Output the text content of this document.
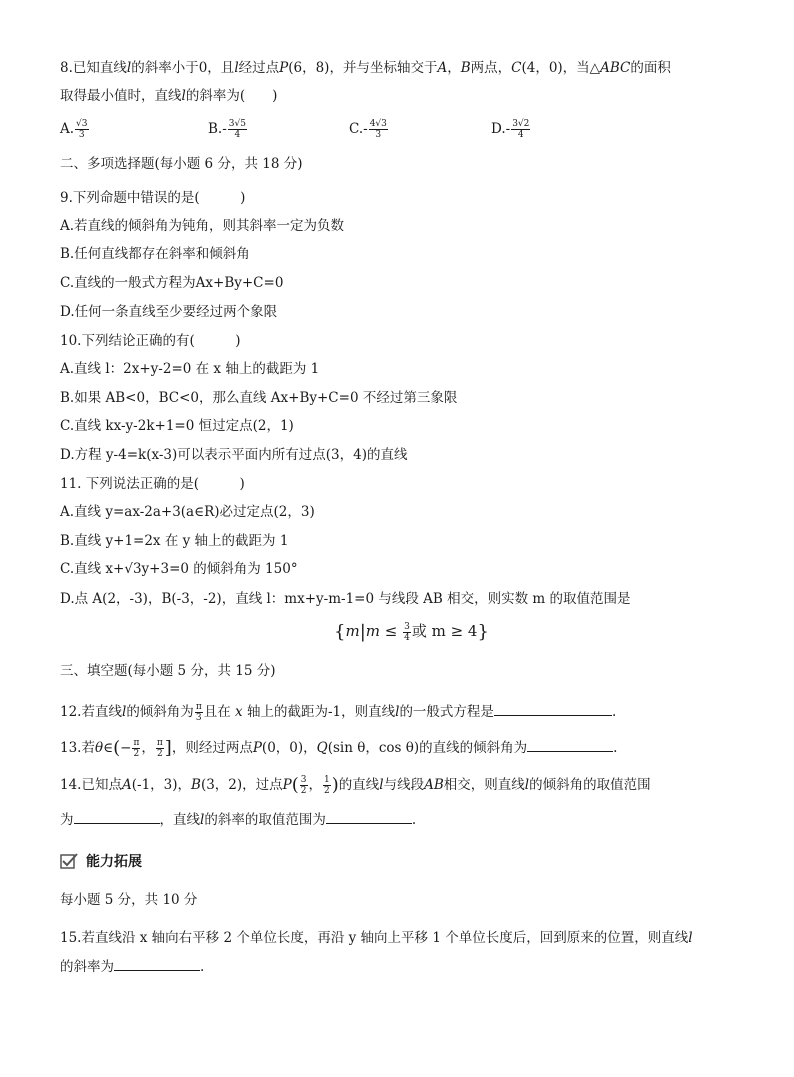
8.已知直线l的斜率小于0，且l经过点P(6，8)，并与坐标轴交于A，B两点，C(4，0)，当△ABC的面积
取得最小值时，直线l的斜率为(　　)
A. $\frac{√3}{3}$	$B.- \frac{3√5}{4}$	$C.- \frac{4√3}{3}$	$D.- \frac{3√2}{4}$
二、多项选择题(每小题 6 分，共 18 分)
9.下列命题中错误的是(　　　)
A.若直线的倾斜角为钝角，则其斜率一定为负数
B.任何直线都存在斜率和倾斜角
C.直线的一般式方程为Ax+By+C=0
D.任何一条直线至少要经过两个象限
10.下列结论正确的有(　　　)
A.直线 l：2x+y-2=0 在 x 轴上的截距为 1
B.如果 AB<0，BC<0，那么直线 Ax+By+C=0 不经过第三象限
C.直线 kx-y-2k+1=0 恒过定点(2，1)
D.方程 y-4=k(x-3)可以表示平面内所有过点(3，4)的直线
11. 下列说法正确的是(　　　)
A.直线 y=ax-2a+3(a∈R)必过定点(2，3)
B.直线 y+1=2x 在 y 轴上的截距为 1
C.直线 x+√3y+3=0 的倾斜角为 150°
D.点 A(2，-3)，B(-3，-2)，直线 l：mx+y-m-1=0 与线段 AB 相交，则实数 m 的取值范围是
{$m|m \le \frac{3}{4}$ 或 m ≥ 4}
三、填空题(每小题 5 分，共 15 分)
12.若直线l的倾斜角为 $\frac{\pi}{3}$ 且在 x 轴上的截距为-1，则直线l的一般式方程是	.
13.若θ∈(− $\frac{\pi}{2}$ ， $\frac{\pi}{2}$ ]，则经过两点P(0，0)，Q(sin θ，cos θ)的直线的倾斜角为	.
14.已知点A(-1，3)，B(3，2)，过点$P( \frac{3}{2}$ ， $\frac{1}{2}$ )的直线l与线段AB相交，则直线l的倾斜角的取值范围
为	，直线l的斜率的取值范围为	.
能力拓展
每小题 5 分，共 10 分
15.若直线沿 x 轴向右平移 2 个单位长度，再沿 y 轴向上平移 1 个单位长度后，回到原来的位置，则直线l
的斜率为	.
